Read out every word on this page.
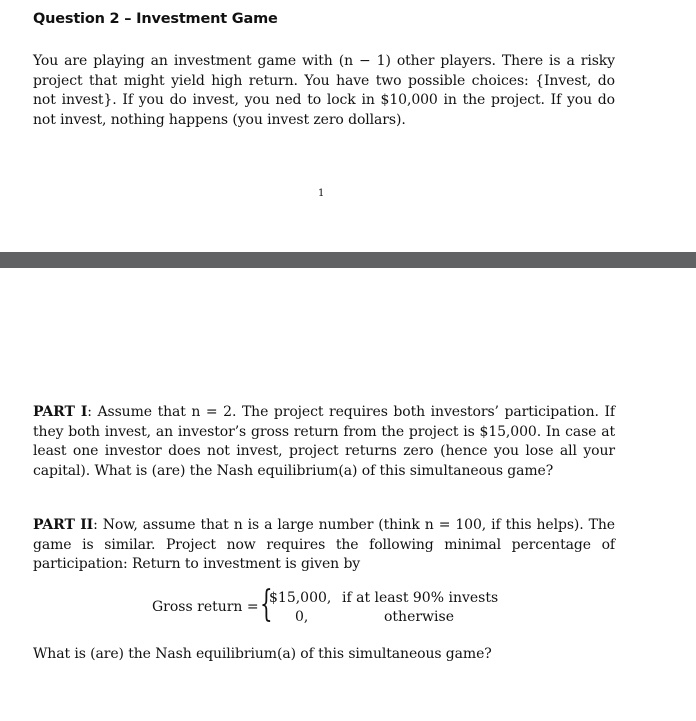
Question 2 – Investment Game
You are playing an investment game with (n − 1) other players. There is a risky project that might yield high return. You have two possible choices: {Invest, do not invest}. If you do invest, you ned to lock in $10,000 in the project. If you do not invest, nothing happens (you invest zero dollars).
1
PART I: Assume that n = 2. The project requires both investors’ participation. If they both invest, an investor’s gross return from the project is $15,000. In case at least one investor does not invest, project returns zero (hence you lose all your capital). What is (are) the Nash equilibrium(a) of this simultaneous game?
PART II: Now, assume that n is a large number (think n = 100, if this helps). The game is similar. Project now requires the following minimal percentage of participation: Return to investment is given by
Gross return = {
$15,000, if at least 90% invests
0,	otherwise
What is (are) the Nash equilibrium(a) of this simultaneous game?
